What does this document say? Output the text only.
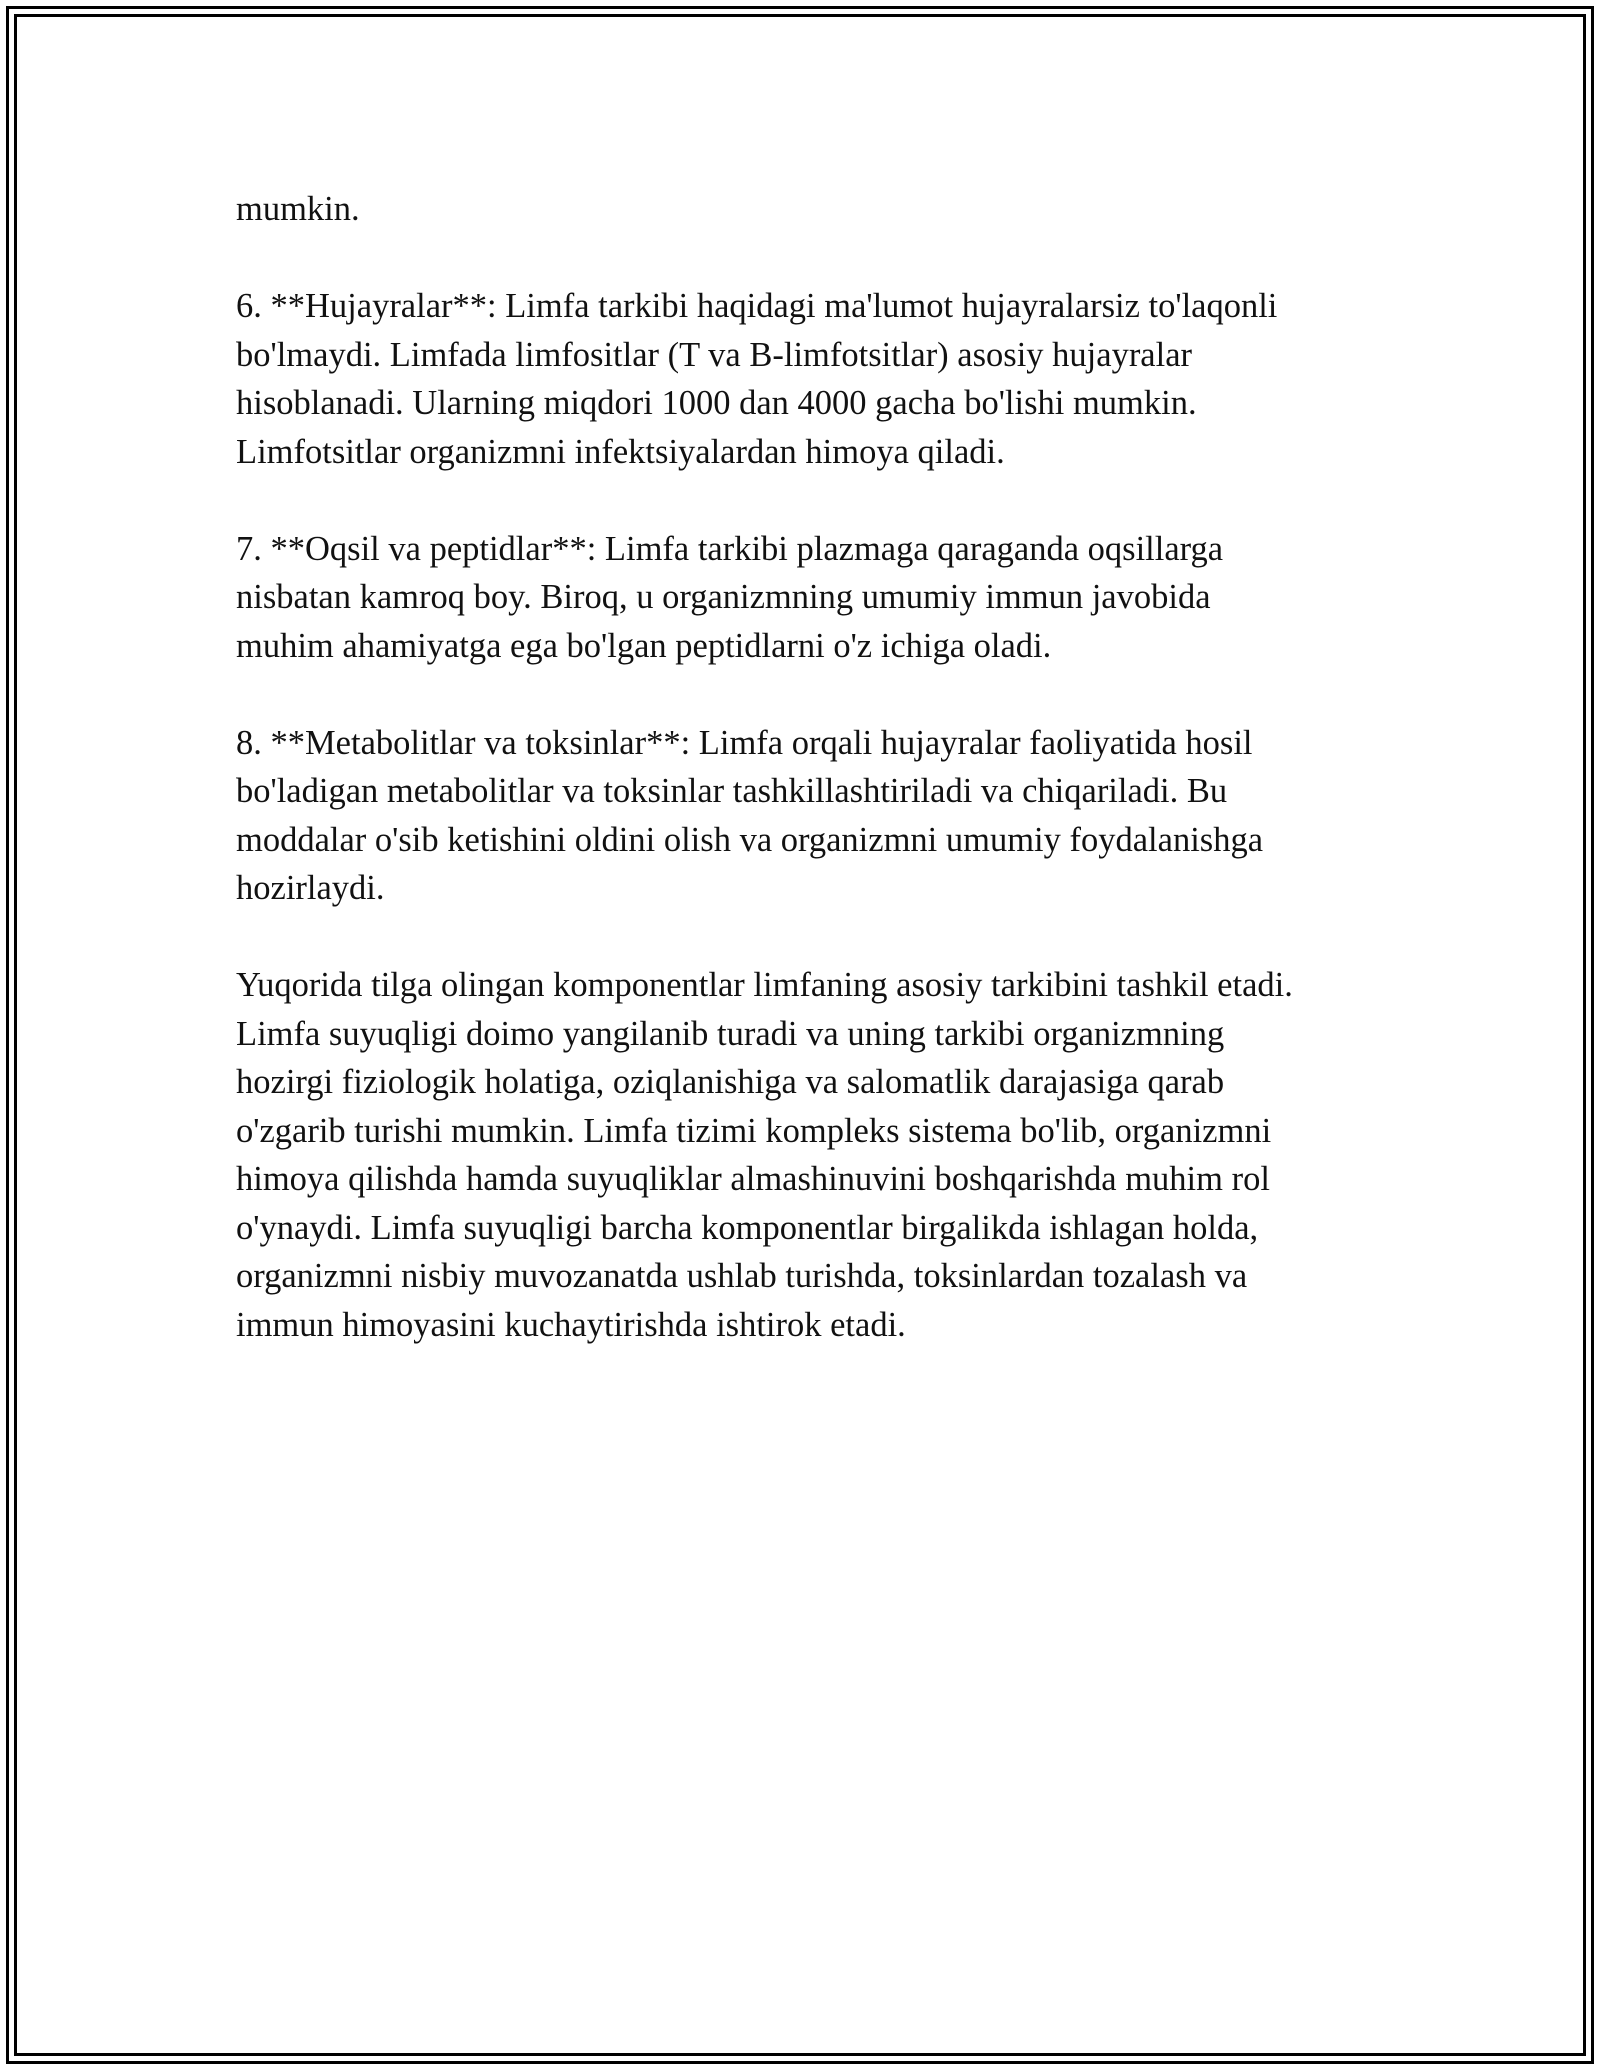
mumkin.

6. **Hujayralar**: Limfa tarkibi haqidagi ma'lumot hujayralarsiz to'laqonli
bo'lmaydi. Limfada limfositlar (T va B-limfotsitlar) asosiy hujayralar
hisoblanadi. Ularning miqdori 1000 dan 4000 gacha bo'lishi mumkin.
Limfotsitlar organizmni infektsiyalardan himoya qiladi.

7. **Oqsil va peptidlar**: Limfa tarkibi plazmaga qaraganda oqsillarga
nisbatan kamroq boy. Biroq, u organizmning umumiy immun javobida
muhim ahamiyatga ega bo'lgan peptidlarni o'z ichiga oladi.

8. **Metabolitlar va toksinlar**: Limfa orqali hujayralar faoliyatida hosil
bo'ladigan metabolitlar va toksinlar tashkillashtiriladi va chiqariladi. Bu
moddalar o'sib ketishini oldini olish va organizmni umumiy foydalanishga
hozirlaydi.

Yuqorida tilga olingan komponentlar limfaning asosiy tarkibini tashkil etadi.
Limfa suyuqligi doimo yangilanib turadi va uning tarkibi organizmning
hozirgi fiziologik holatiga, oziqlanishiga va salomatlik darajasiga qarab
o'zgarib turishi mumkin. Limfa tizimi kompleks sistema bo'lib, organizmni
himoya qilishda hamda suyuqliklar almashinuvini boshqarishda muhim rol
o'ynaydi. Limfa suyuqligi barcha komponentlar birgalikda ishlagan holda,
organizmni nisbiy muvozanatda ushlab turishda, toksinlardan tozalash va
immun himoyasini kuchaytirishda ishtirok etadi.
